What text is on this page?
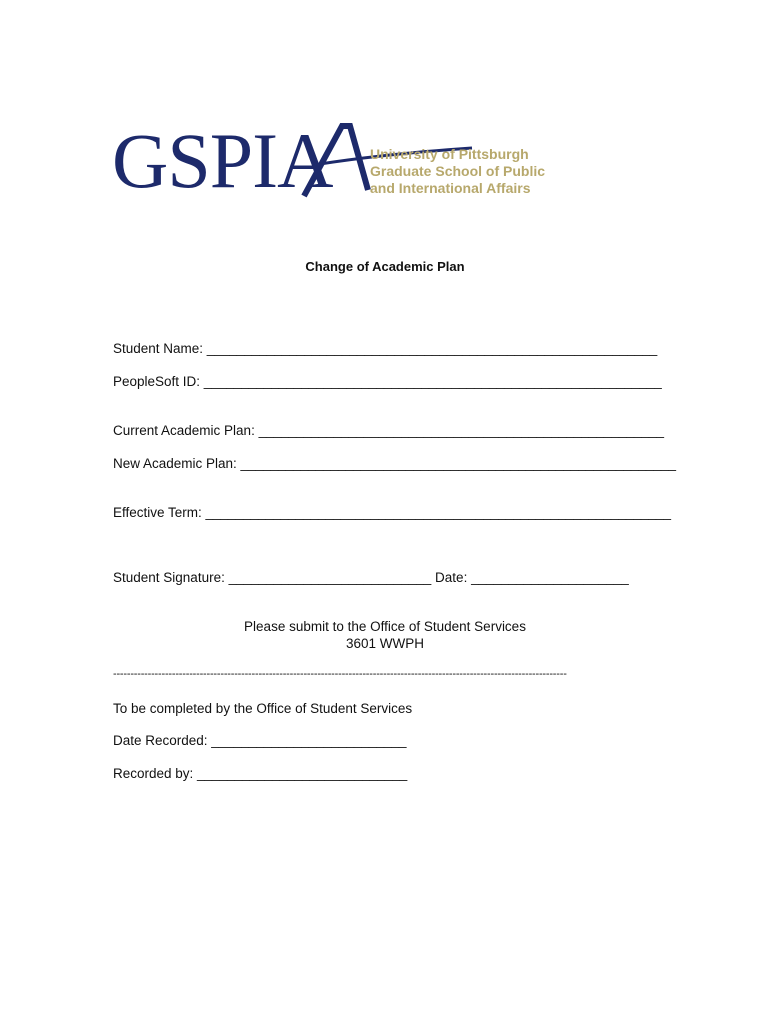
GSPIA	University of Pittsburgh
Graduate School of Public
and International Affairs
Change of Academic Plan
Student Name: ____________________________________________________________
PeopleSoft ID: _____________________________________________________________
Current Academic Plan: ______________________________________________________
New Academic Plan: __________________________________________________________
Effective Term: ______________________________________________________________
Student Signature: ___________________________ Date: _____________________
Please submit to the Office of Student Services
3601 WWPH
-----------------------------------------------------------------------------------------------------------------------------------
To be completed by the Office of Student Services
Date Recorded: __________________________
Recorded by: ____________________________
